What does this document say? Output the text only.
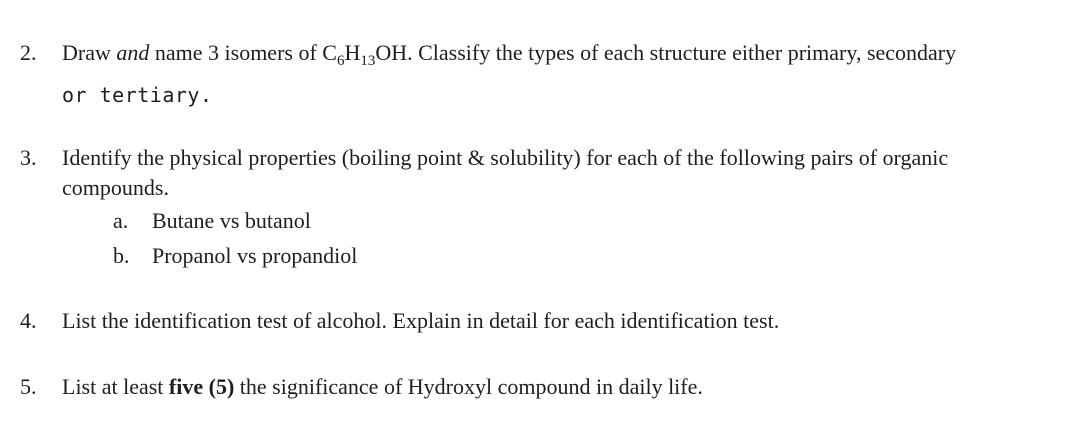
2.	Draw and name 3 isomers of $C_6H_{13}OH$. Classify the types of each structure either primary, secondary
or tertiary.
3.	Identify the physical properties (boiling point & solubility) for each of the following pairs of organic
compounds.
a. Butane vs butanol
b. Propanol vs propandiol
4.	List the identification test of alcohol. Explain in detail for each identification test.
5.	List at least five (5) the significance of Hydroxyl compound in daily life.
